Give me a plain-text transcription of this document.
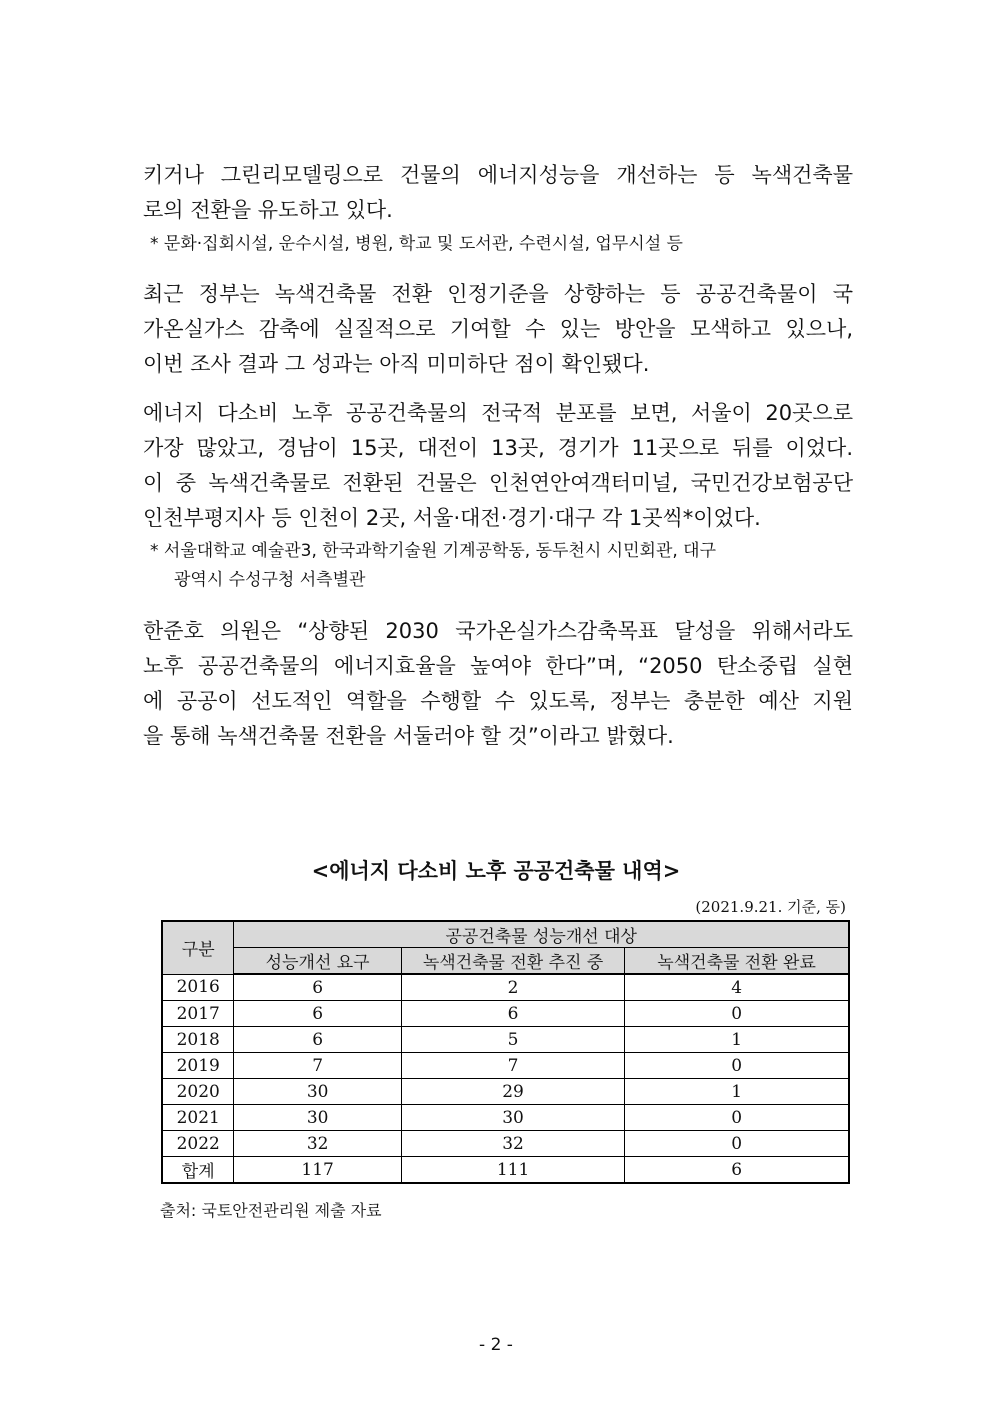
키거나 그린리모델링으로 건물의 에너지성능을 개선하는 등 녹색건축물
로의 전환을 유도하고 있다.
* 문화·집회시설, 운수시설, 병원, 학교 및 도서관, 수련시설, 업무시설 등
최근 정부는 녹색건축물 전환 인정기준을 상향하는 등 공공건축물이 국
가온실가스 감축에 실질적으로 기여할 수 있는 방안을 모색하고 있으나,
이번 조사 결과 그 성과는 아직 미미하단 점이 확인됐다.
에너지 다소비 노후 공공건축물의 전국적 분포를 보면, 서울이 20곳으로
가장 많았고, 경남이 15곳, 대전이 13곳, 경기가 11곳으로 뒤를 이었다.
이 중 녹색건축물로 전환된 건물은 인천연안여객터미널, 국민건강보험공단
인천부평지사 등 인천이 2곳, 서울·대전·경기·대구 각 1곳씩*이었다.
* 서울대학교 예술관3, 한국과학기술원 기계공학동, 동두천시 시민회관, 대구
광역시 수성구청 서측별관
한준호 의원은 “상향된 2030 국가온실가스감축목표 달성을 위해서라도
노후 공공건축물의 에너지효율을 높여야 한다”며, “2050 탄소중립 실현
에 공공이 선도적인 역할을 수행할 수 있도록, 정부는 충분한 예산 지원
을 통해 녹색건축물 전환을 서둘러야 할 것”이라고 밝혔다.
<에너지 다소비 노후 공공건축물 내역>
(2021.9.21. 기준, 동)
구분	공공건축물 성능개선 대상		
	성능개선 요구	녹색건축물 전환 추진 중	녹색건축물 전환 완료
2016	6	2	4
2017	6	6	0
2018	6	5	1
2019	7	7	0
2020	30	29	1
2021	30	30	0
2022	32	32	0
합계	117	111	6
출처: 국토안전관리원 제출 자료
- 2 -
